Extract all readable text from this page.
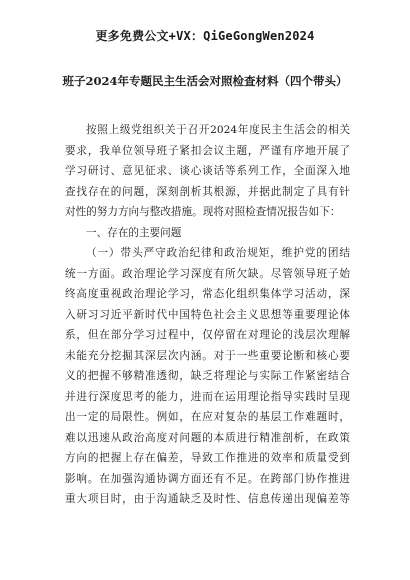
更多免费公文+VX：QiGeGongWen2024
班子2024年专题民主生活会对照检查材料（四个带头）
按照上级党组织关于召开2024年度民主生活会的相关
要求，我单位领导班子紧扣会议主题，严谨有序地开展了
学习研讨、意见征求、谈心谈话等系列工作，全面深入地
查找存在的问题，深刻剖析其根源，并据此制定了具有针
对性的努力方向与整改措施。现将对照检查情况报告如下：
一、存在的主要问题
（一）带头严守政治纪律和政治规矩，维护党的团结
统一方面。政治理论学习深度有所欠缺。尽管领导班子始
终高度重视政治理论学习，常态化组织集体学习活动，深
入研习习近平新时代中国特色社会主义思想等重要理论体
系，但在部分学习过程中，仅停留在对理论的浅层次理解
未能充分挖掘其深层次内涵。对于一些重要论断和核心要
义的把握不够精准透彻，缺乏将理论与实际工作紧密结合
并进行深度思考的能力，进而在运用理论指导实践时呈现
出一定的局限性。例如，在应对复杂的基层工作难题时，
难以迅速从政治高度对问题的本质进行精准剖析，在政策
方向的把握上存在偏差，导致工作推进的效率和质量受到
影响。在加强沟通协调方面还有不足。在跨部门协作推进
重大项目时，由于沟通缺乏及时性、信息传递出现偏差等
